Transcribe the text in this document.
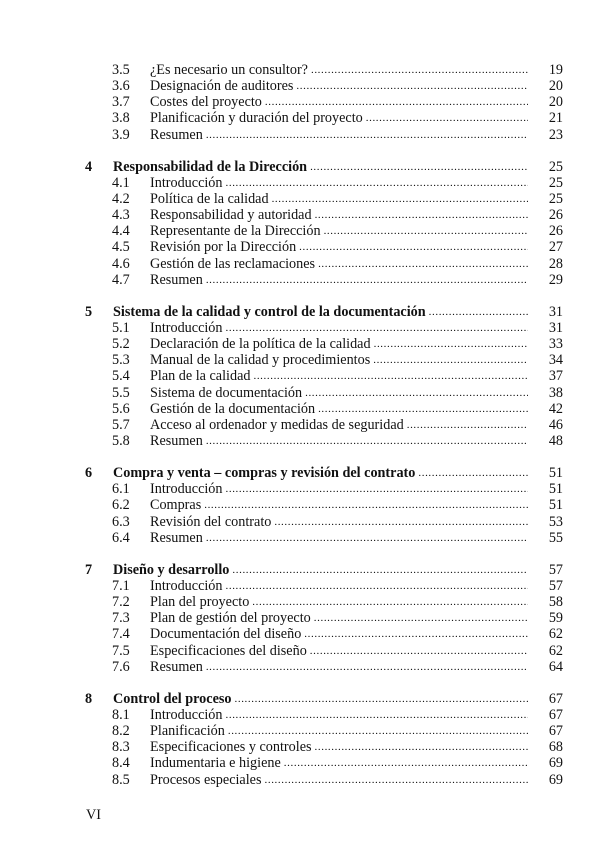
3.5 ¿Es necesario un consultor? .....	19
3.6 Designación de auditores .....	20
3.7 Costes del proyecto .....	20
3.8 Planificación y duración del proyecto .....	21
3.9 Resumen .....	23
4 Responsabilidad de la Dirección .....	25
4.1 Introducción .....	25
4.2 Política de la calidad .....	25
4.3 Responsabilidad y autoridad .....	26
4.4 Representante de la Dirección .....	26
4.5 Revisión por la Dirección .....	27
4.6 Gestión de las reclamaciones .....	28
4.7 Resumen .....	29
5 Sistema de la calidad y control de la documentación .....	31
5.1 Introducción .....	31
5.2 Declaración de la política de la calidad .....	33
5.3 Manual de la calidad y procedimientos .....	34
5.4 Plan de la calidad .....	37
5.5 Sistema de documentación .....	38
5.6 Gestión de la documentación .....	42
5.7 Acceso al ordenador y medidas de seguridad .....	46
5.8 Resumen .....	48
6 Compra y venta – compras y revisión del contrato .....	51
6.1 Introducción .....	51
6.2 Compras .....	51
6.3 Revisión del contrato .....	53
6.4 Resumen .....	55
7 Diseño y desarrollo .....	57
7.1 Introducción .....	57
7.2 Plan del proyecto .....	58
7.3 Plan de gestión del proyecto .....	59
7.4 Documentación del diseño .....	62
7.5 Especificaciones del diseño .....	62
7.6 Resumen .....	64
8 Control del proceso .....	67
8.1 Introducción .....	67
8.2 Planificación .....	67
8.3 Especificaciones y controles .....	68
8.4 Indumentaria e higiene .....	69
8.5 Procesos especiales .....	69
VI
